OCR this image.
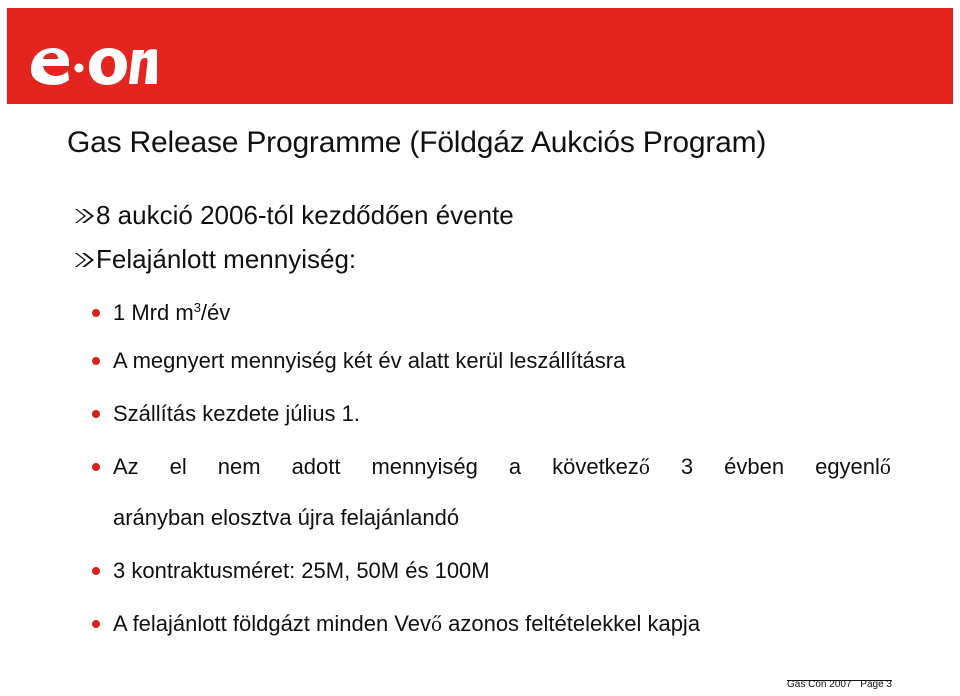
Gas Release Programme (Földgáz Aukciós Program)
8 aukció 2006-tól kezdődően évente
Felajánlott mennyiség:
1 Mrd $m^3/év$
A megnyert mennyiség két év alatt kerül leszállításra
Szállítás kezdete július 1.
Az el nem adott mennyiség a következő 3 évben egyenlő
arányban elosztva újra felajánlandó
3 kontraktusméret: 25M, 50M és 100M
A felajánlott földgázt minden Vevő azonos feltételekkel kapja
Gas Con 2007 Page 3
